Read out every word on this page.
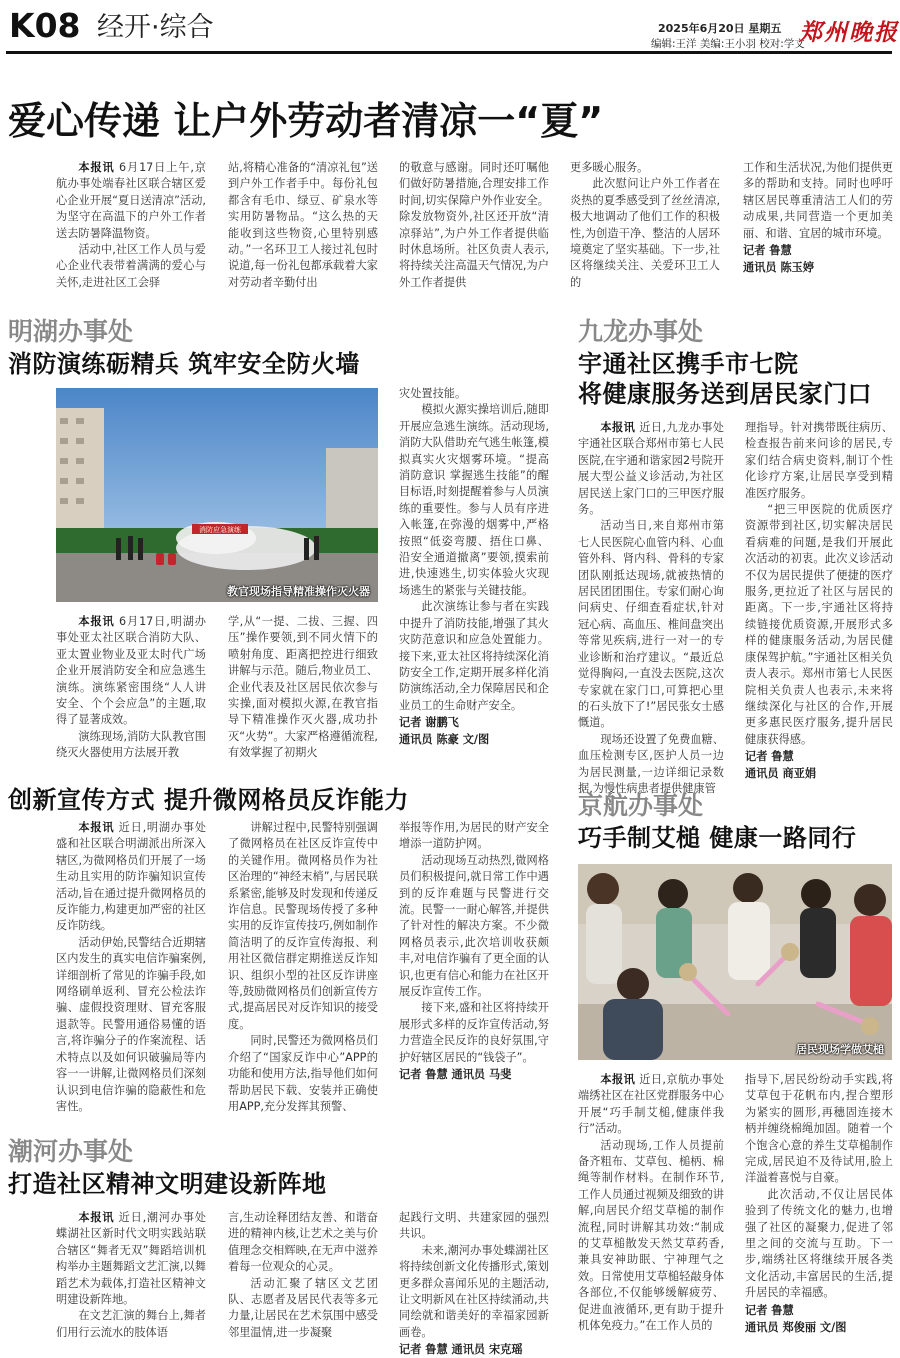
K08 经开·综合	2025年6月20日 星期五
编辑:王洋 美编:王小羽 校对:学文
郑州晚报
爱心传递 让户外劳动者清凉一“夏”

本报讯 6月17日上午,京航办事处端春社区联合辖区爱心企业开展“夏日送清凉”活动,为坚守在高温下的户外工作者送去防暑降温物资。

活动中,社区工作人员与爱心企业代表带着满满的爱心与关怀,走进社区工会驿

站,将精心准备的“清凉礼包”送到户外工作者手中。每份礼包都含有毛巾、绿豆、矿泉水等实用防暑物品。“这么热的天能收到这些物资,心里特别感动。”一名环卫工人接过礼包时说道,每一份礼包都承载着大家对劳动者辛勤付出

的敬意与感谢。同时还叮嘱他们做好防暑措施,合理安排工作时间,切实保障户外作业安全。除发放物资外,社区还开放“清凉驿站”,为户外工作者提供临时休息场所。社区负责人表示,将持续关注高温天气情况,为户外工作者提供

更多暖心服务。

此次慰问让户外工作者在炎热的夏季感受到了丝丝清凉,极大地调动了他们工作的积极性,为创造干净、整洁的人居环境奠定了坚实基础。下一步,社区将继续关注、关爱环卫工人的

工作和生活状况,为他们提供更多的帮助和支持。同时也呼吁辖区居民尊重清洁工人们的劳动成果,共同营造一个更加美丽、和谐、宜居的城市环境。

记者 鲁慧
通讯员 陈玉婷
明湖办事处
消防演练砺精兵 筑牢安全防火墙
消防应急演练
教官现场指导精准操作灭火器

本报讯 6月17日,明湖办事处亚太社区联合消防大队、亚太置业物业及亚太时代广场企业开展消防安全和应急逃生演练。演练紧密围绕“人人讲安全、个个会应急”的主题,取得了显著成效。

演练现场,消防大队教官围绕灭火器使用方法展开教

学,从“一提、二拔、三握、四压”操作要领,到不同火情下的喷射角度、距离把控进行细致讲解与示范。随后,物业员工、企业代表及社区居民依次参与实操,面对模拟火源,在教官指导下精准操作灭火器,成功扑灭“火势”。大家严格遵循流程,有效掌握了初期火

灾处置技能。

模拟火源实操培训后,随即开展应急逃生演练。活动现场,消防大队借助充气逃生帐篷,模拟真实火灾烟雾环境。“提高消防意识 掌握逃生技能”的醒目标语,时刻提醒着参与人员演练的重要性。参与人员有序进入帐篷,在弥漫的烟雾中,严格按照“低姿弯腰、捂住口鼻、沿安全通道撤离”要领,摸索前进,快速逃生,切实体验火灾现场逃生的紧张与关键技能。

此次演练让参与者在实践中提升了消防技能,增强了其火灾防范意识和应急处置能力。接下来,亚太社区将持续深化消防安全工作,定期开展多样化消防演练活动,全力保障居民和企业员工的生命财产安全。

记者 谢鹏飞
通讯员 陈豪 文/图
创新宣传方式 提升微网格员反诈能力

本报讯 近日,明湖办事处盛和社区联合明湖派出所深入辖区,为微网格员们开展了一场生动且实用的防诈骗知识宣传活动,旨在通过提升微网格员的反诈能力,构建更加严密的社区反诈防线。

活动伊始,民警结合近期辖区内发生的真实电信诈骗案例,详细剖析了常见的诈骗手段,如网络刷单返利、冒充公检法诈骗、虚假投资理财、冒充客服退款等。民警用通俗易懂的语言,将诈骗分子的作案流程、话术特点以及如何识破骗局等内容一一讲解,让微网格员们深刻认识到电信诈骗的隐蔽性和危害性。

讲解过程中,民警特别强调了微网格员在社区反诈宣传中的关键作用。微网格员作为社区治理的“神经末梢”,与居民联系紧密,能够及时发现和传递反诈信息。民警现场传授了多种实用的反诈宣传技巧,例如制作简洁明了的反诈宣传海报、利用社区微信群定期推送反诈知识、组织小型的社区反诈讲座等,鼓励微网格员们创新宣传方式,提高居民对反诈知识的接受度。

同时,民警还为微网格员们介绍了“国家反诈中心”APP的功能和使用方法,指导他们如何帮助居民下载、安装并正确使用APP,充分发挥其预警、

举报等作用,为居民的财产安全增添一道防护网。

活动现场互动热烈,微网格员们积极提问,就日常工作中遇到的反诈难题与民警进行交流。民警一一耐心解答,并提供了针对性的解决方案。不少微网格员表示,此次培训收获颇丰,对电信诈骗有了更全面的认识,也更有信心和能力在社区开展反诈宣传工作。

接下来,盛和社区将持续开展形式多样的反诈宣传活动,努力营造全民反诈的良好氛围,守护好辖区居民的“钱袋子”。

记者 鲁慧 通讯员 马斐
潮河办事处
打造社区精神文明建设新阵地

本报讯 近日,潮河办事处蝶湖社区新时代文明实践站联合辖区“舞者无双”舞蹈培训机构举办主题舞蹈文艺汇演,以舞蹈艺术为载体,打造社区精神文明建设新阵地。

在文艺汇演的舞台上,舞者们用行云流水的肢体语

言,生动诠释团结友善、和谐奋进的精神内核,让艺术之美与价值理念交相辉映,在无声中滋养着每一位观众的心灵。

活动汇聚了辖区文艺团队、志愿者及居民代表等多元力量,让居民在艺术氛围中感受邻里温情,进一步凝聚

起践行文明、共建家园的强烈共识。

未来,潮河办事处蝶湖社区将持续创新文化传播形式,策划更多群众喜闻乐见的主题活动,让文明新风在社区持续涌动,共同绘就和谐美好的幸福家园新画卷。

记者 鲁慧 通讯员 宋克瑶
九龙办事处
宇通社区携手市七院
将健康服务送到居民家门口

本报讯 近日,九龙办事处宇通社区联合郑州市第七人民医院,在宇通和谐家园2号院开展大型公益义诊活动,为社区居民送上家门口的三甲医疗服务。

活动当日,来自郑州市第七人民医院心血管内科、心血管外科、肾内科、骨科的专家团队刚抵达现场,就被热情的居民团团围住。专家们耐心询问病史、仔细查看症状,针对冠心病、高血压、椎间盘突出等常见疾病,进行一对一的专业诊断和治疗建议。“最近总觉得胸闷,一直没去医院,这次专家就在家门口,可算把心里的石头放下了!”居民张女士感慨道。

现场还设置了免费血糖、血压检测专区,医护人员一边为居民测量,一边详细记录数据,为慢性病患者提供健康管

理指导。针对携带既往病历、检查报告前来问诊的居民,专家们结合病史资料,制订个性化诊疗方案,让居民享受到精准医疗服务。

“把三甲医院的优质医疗资源带到社区,切实解决居民看病难的问题,是我们开展此次活动的初衷。此次义诊活动不仅为居民提供了便捷的医疗服务,更拉近了社区与居民的距离。下一步,宇通社区将持续链接优质资源,开展形式多样的健康服务活动,为居民健康保驾护航。”宇通社区相关负责人表示。郑州市第七人民医院相关负责人也表示,未来将继续深化与社区的合作,开展更多惠民医疗服务,提升居民健康获得感。

记者 鲁慧
通讯员 商亚娟
京航办事处
巧手制艾槌 健康一路同行
居民现场学做艾槌

本报讯 近日,京航办事处端绣社区在社区党群服务中心开展“巧手制艾槌,健康伴我行”活动。

活动现场,工作人员提前备齐粗布、艾草包、槌柄、棉绳等制作材料。在制作环节,工作人员通过视频及细致的讲解,向居民介绍艾草槌的制作流程,同时讲解其功效:“制成的艾草槌散发天然艾草药香,兼具安神助眠、宁神理气之效。日常使用艾草槌轻敲身体各部位,不仅能够缓解疲劳、促进血液循环,更有助于提升机体免疫力。”在工作人员的

指导下,居民纷纷动手实践,将艾草包于花帆布内,捏合塑形为紧实的圆形,再穗固连接木柄并缠绕棉绳加固。随着一个个饱含心意的养生艾草槌制作完成,居民迫不及待试用,脸上洋溢着喜悦与自豪。

此次活动,不仅让居民体验到了传统文化的魅力,也增强了社区的凝聚力,促进了邻里之间的交流与互助。下一步,端绣社区将继续开展各类文化活动,丰富居民的生活,提升居民的幸福感。

记者 鲁慧
通讯员 郑俊丽 文/图
